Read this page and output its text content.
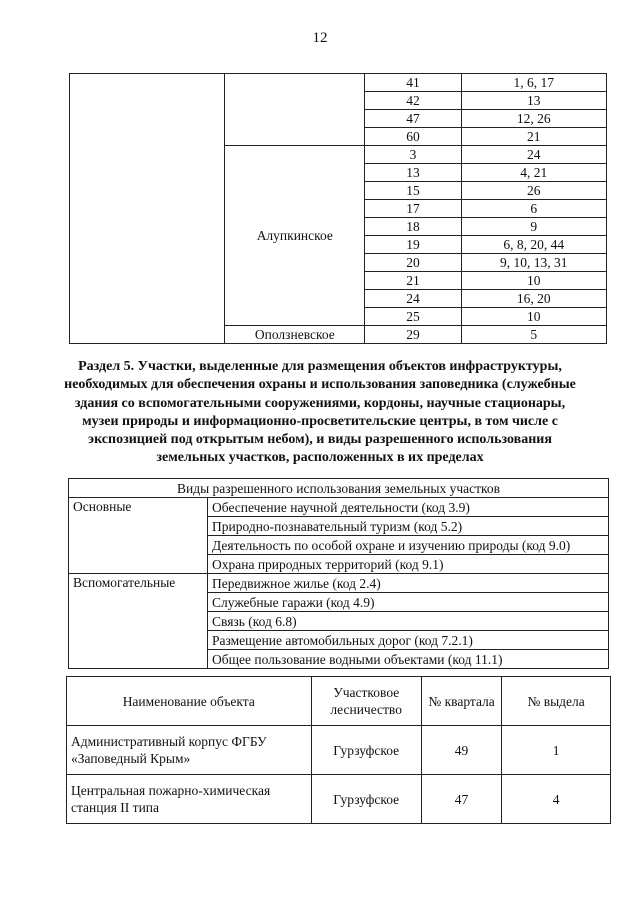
12
		41	1, 6, 17
		42	13
		47	12, 26
		60	21
	Алупкинское	3	24
		13	4, 21
		15	26
		17	6
		18	9
		19	6, 8, 20, 44
		20	9, 10, 13, 31
		21	10
		24	16, 20
		25	10
	Оползневское	29	5
Раздел 5. Участки, выделенные для размещения объектов инфраструктуры, необходимых для обеспечения охраны и использования заповедника (служебные здания со вспомогательными сооружениями, кордоны, научные стационары, музеи природы и информационно-просветительские центры, в том числе с экспозицией под открытым небом), и виды разрешенного использования земельных участков, расположенных в их пределах
Виды разрешенного использования земельных участков	
Основные	Обеспечение научной деятельности (код 3.9)
	Природно-познавательный туризм (код 5.2)
	Деятельность по особой охране и изучению природы (код 9.0)
	Охрана природных территорий (код 9.1)
Вспомогательные	Передвижное жилье (код 2.4)
	Служебные гаражи (код 4.9)
	Связь (код 6.8)
	Размещение автомобильных дорог (код 7.2.1)
	Общее пользование водными объектами (код 11.1)
Наименование объекта	Участковое лесничество	№ квартала	№ выдела
Административный корпус ФГБУ «Заповедный Крым»	Гурзуфское	49	1
Центральная пожарно-химическая станция II типа	Гурзуфское	47	4
